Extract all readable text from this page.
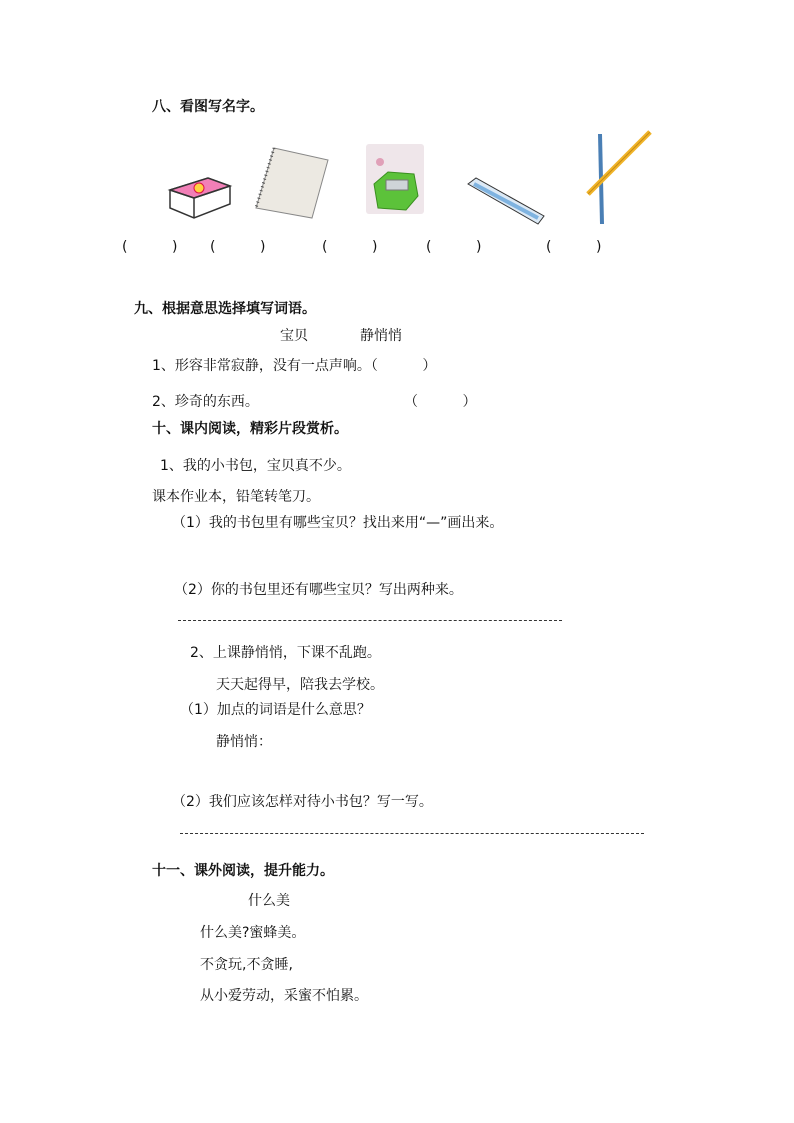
八、看图写名字。
(          ) (          )	(          )	(          )	(          )
九、根据意思选择填写词语。
宝贝	静悄悄
1、形容非常寂静，没有一点声响。（          ）
2、珍奇的东西。	（          ）
十、课内阅读，精彩片段赏析。
1、我的小书包，宝贝真不少。
课本作业本，铅笔转笔刀。
（1）我的书包里有哪些宝贝？找出来用“—”画出来。
（2）你的书包里还有哪些宝贝？写出两种来。
2、上课静悄悄，下课不乱跑。
天天起得早，陪我去学校。
（1）加点的词语是什么意思？
静悄悄：
（2）我们应该怎样对待小书包？写一写。
十一、课外阅读，提升能力。
什么美
什么美?蜜蜂美。
不贪玩,不贪睡,
从小爱劳动，采蜜不怕累。
